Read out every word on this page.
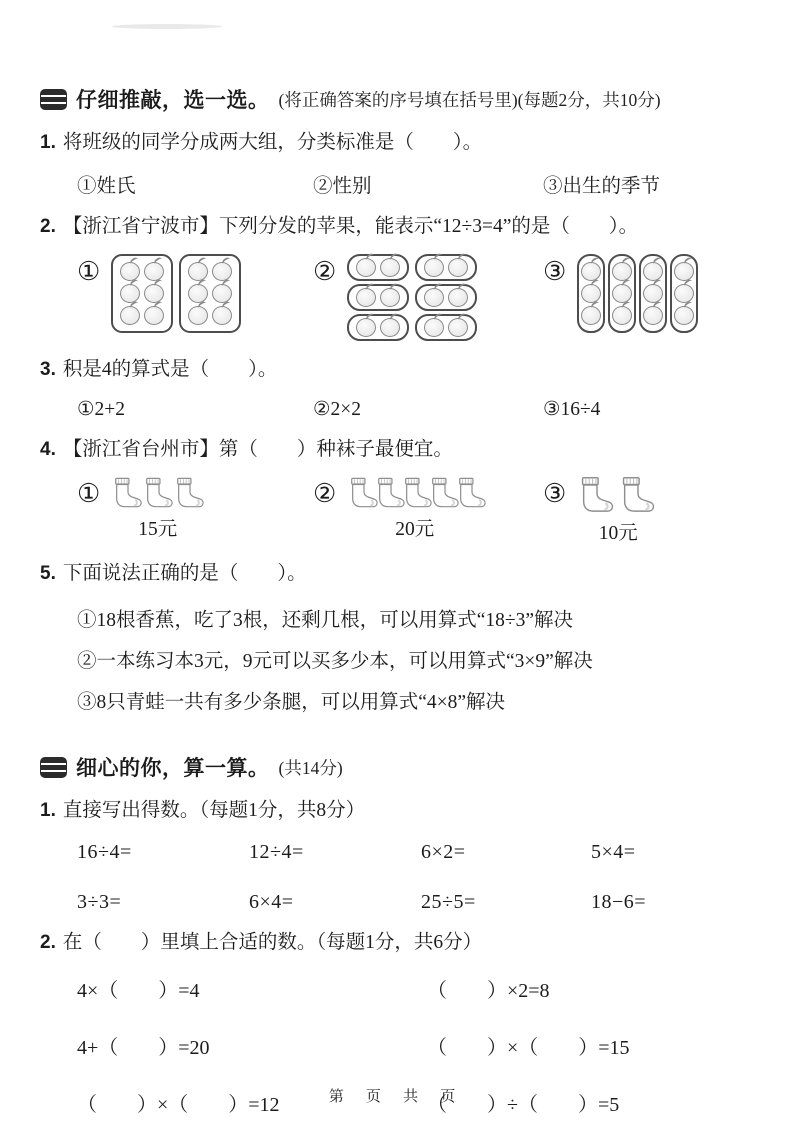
仔细推敲，选一选。 (将正确答案的序号填在括号里)(每题2分，共10分)
1. 将班级的同学分成两大组，分类标准是（　　）。
①姓氏	②性别	③出生的季节
2. 【浙江省宁波市】下列分发的苹果，能表示“12÷3=4”的是（　　）。
①	②	③
3. 积是4的算式是（　　）。
①2+2	②2×2	③16÷4
4. 【浙江省台州市】第（　　）种袜子最便宜。
①
15元
②
20元
③
10元
5. 下面说法正确的是（　　）。
①18根香蕉，吃了3根，还剩几根，可以用算式“18÷3”解决
②一本练习本3元，9元可以买多少本，可以用算式“3×9”解决
③8只青蛙一共有多少条腿，可以用算式“4×8”解决
细心的你，算一算。 (共14分)
1. 直接写出得数。（每题1分，共8分）
16÷4=	12÷4=	6×2=	5×4=
3÷3=	6×4=	25÷5=	18−6=
2. 在（　　）里填上合适的数。（每题1分，共6分）
4×（　　）=4	（　　）×2=8
4+（　　）=20	（　　）×（　　）=15
（　　）×（　　）=12	（　　）÷（　　）=5
第 页 共 页
